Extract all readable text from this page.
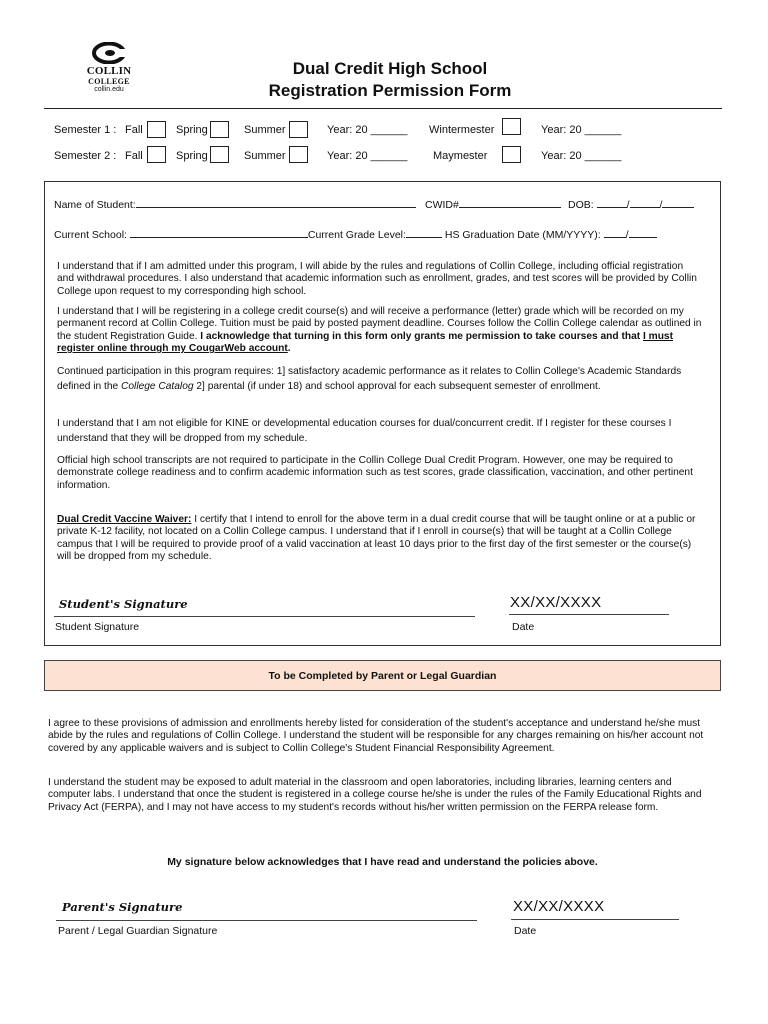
COLLIN
COLLEGE
collin.edu
Dual Credit High School
Registration Permission Form
Semester 1 : Fall	Spring	Summer	Year: 20 ______ Wintermester	Year: 20 ______
Semester 2 : Fall	Spring	Summer	Year: 20 ______ Maymester	Year: 20 ______
Name of Student:	CWID#	DOB:	/	/
Current School:	Current Grade Level:	HS Graduation Date (MM/YYYY): /
I understand that if I am admitted under this program, I will abide by the rules and regulations of Collin College, including official registration and withdrawal procedures. I also understand that academic information such as enrollment, grades, and test scores will be provided by Collin College upon request to my corresponding high school.
I understand that I will be registering in a college credit course(s) and will receive a performance (letter) grade which will be recorded on my permanent record at Collin College. Tuition must be paid by posted payment deadline. Courses follow the Collin College calendar as outlined in the student Registration Guide. I acknowledge that turning in this form only grants me permission to take courses and that I must register online through my CougarWeb account.
Continued participation in this program requires: 1] satisfactory academic performance as it relates to Collin College's Academic Standards defined in the College Catalog 2] parental (if under 18) and school approval for each subsequent semester of enrollment.
I understand that I am not eligible for KINE or developmental education courses for dual/concurrent credit. If I register for these courses I understand that they will be dropped from my schedule.
Official high school transcripts are not required to participate in the Collin College Dual Credit Program. However, one may be required to demonstrate college readiness and to confirm academic information such as test scores, grade classification, vaccination, and other pertinent information.
Dual Credit Vaccine Waiver: I certify that I intend to enroll for the above term in a dual credit course that will be taught online or at a public or private K-12 facility, not located on a Collin College campus. I understand that if I enroll in course(s) that will be taught at a Collin College campus that I will be required to provide proof of a valid vaccination at least 10 days prior to the first day of the first semester or the course(s) will be dropped from my schedule.
Student's Signature
Student Signature
XX/XX/XXXX
Date
To be Completed by Parent or Legal Guardian
I agree to these provisions of admission and enrollments hereby listed for consideration of the student's acceptance and understand he/she must abide by the rules and regulations of Collin College. I understand the student will be responsible for any charges remaining on his/her account not covered by any applicable waivers and is subject to Collin College's Student Financial Responsibility Agreement.
I understand the student may be exposed to adult material in the classroom and open laboratories, including libraries, learning centers and computer labs. I understand that once the student is registered in a college course he/she is under the rules of the Family Educational Rights and Privacy Act (FERPA), and I may not have access to my student's records without his/her written permission on the FERPA release form.
My signature below acknowledges that I have read and understand the policies above.
Parent's Signature
Parent / Legal Guardian Signature
XX/XX/XXXX
Date
